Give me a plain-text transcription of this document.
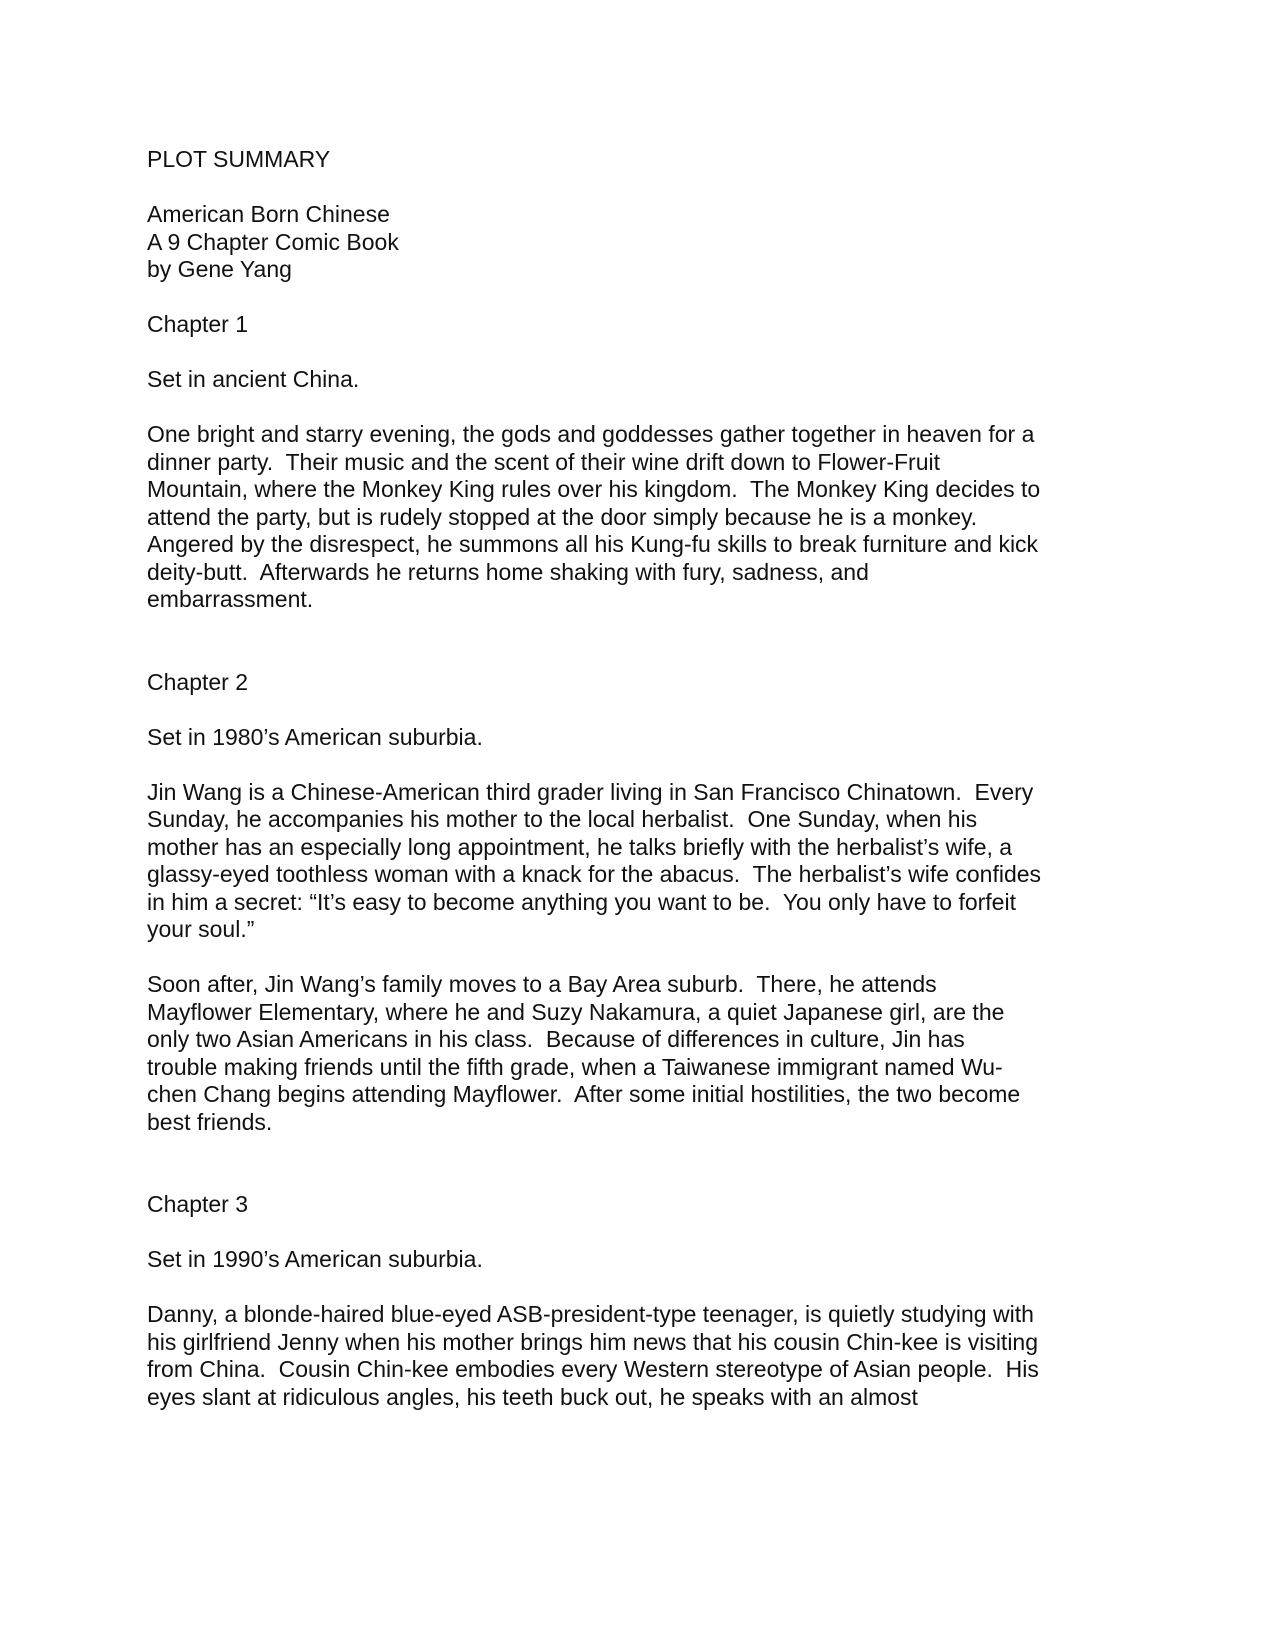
PLOT SUMMARY
American Born Chinese
A 9 Chapter Comic Book
by Gene Yang
Chapter 1
Set in ancient China.
One bright and starry evening, the gods and goddesses gather together in heaven for a
dinner party.  Their music and the scent of their wine drift down to Flower-Fruit
Mountain, where the Monkey King rules over his kingdom.  The Monkey King decides to
attend the party, but is rudely stopped at the door simply because he is a monkey.
Angered by the disrespect, he summons all his Kung-fu skills to break furniture and kick
deity-butt.  Afterwards he returns home shaking with fury, sadness, and
embarrassment.
Chapter 2
Set in 1980’s American suburbia.
Jin Wang is a Chinese-American third grader living in San Francisco Chinatown.  Every
Sunday, he accompanies his mother to the local herbalist.  One Sunday, when his
mother has an especially long appointment, he talks briefly with the herbalist’s wife, a
glassy-eyed toothless woman with a knack for the abacus.  The herbalist’s wife confides
in him a secret: “It’s easy to become anything you want to be.  You only have to forfeit
your soul.”
Soon after, Jin Wang’s family moves to a Bay Area suburb.  There, he attends
Mayflower Elementary, where he and Suzy Nakamura, a quiet Japanese girl, are the
only two Asian Americans in his class.  Because of differences in culture, Jin has
trouble making friends until the fifth grade, when a Taiwanese immigrant named Wu-
chen Chang begins attending Mayflower.  After some initial hostilities, the two become
best friends.
Chapter 3
Set in 1990’s American suburbia.
Danny, a blonde-haired blue-eyed ASB-president-type teenager, is quietly studying with
his girlfriend Jenny when his mother brings him news that his cousin Chin-kee is visiting
from China.  Cousin Chin-kee embodies every Western stereotype of Asian people.  His
eyes slant at ridiculous angles, his teeth buck out, he speaks with an almost
